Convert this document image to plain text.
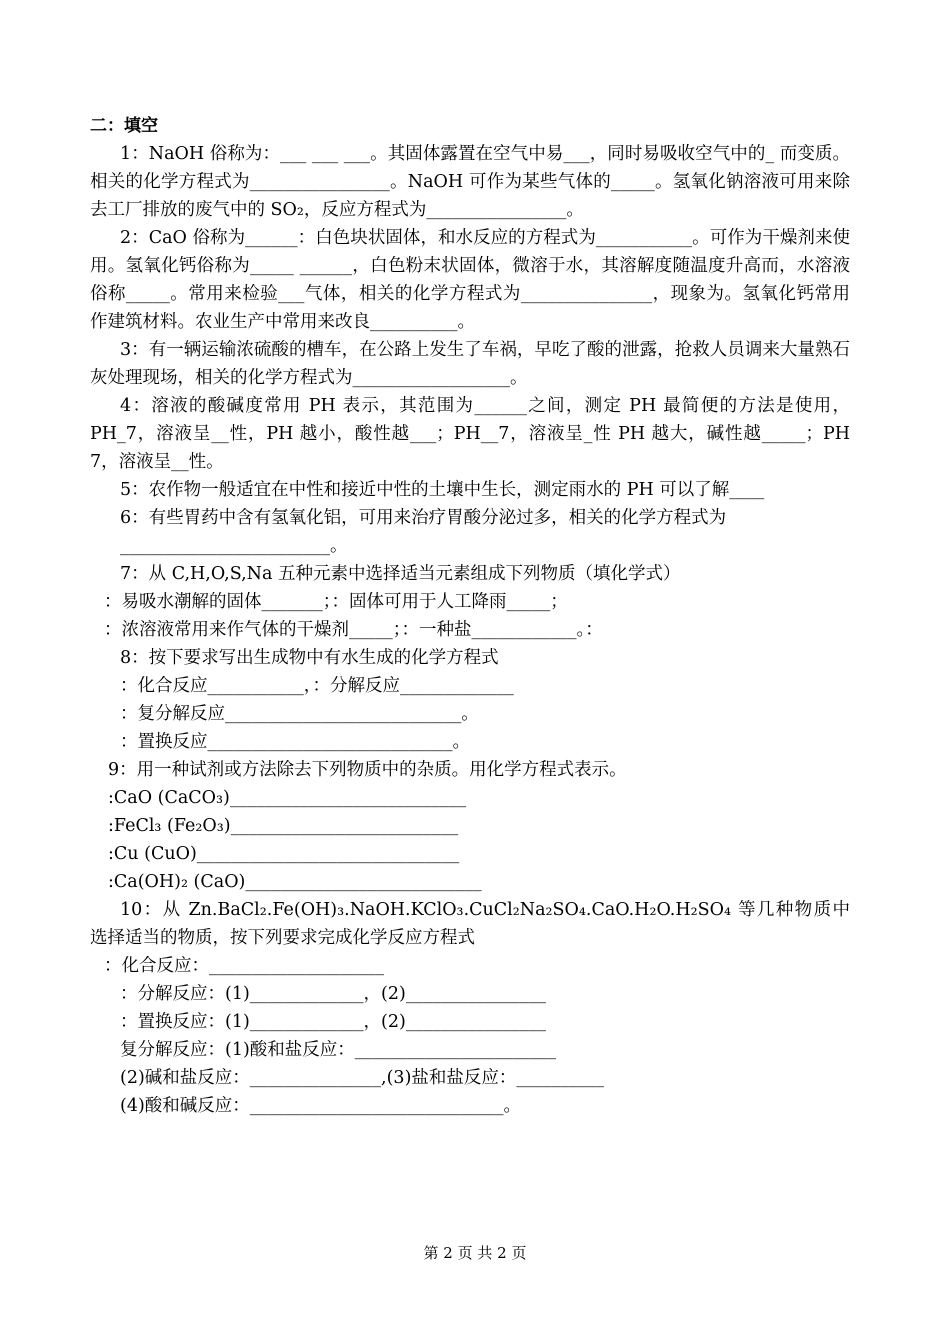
二：填空

1：NaOH 俗称为：___ ___ ___。其固体露置在空气中易___，同时易吸收空气中的_ 而变质。相关的化学方程式为________________。NaOH 可作为某些气体的_____。氢氧化钠溶液可用来除去工厂排放的废气中的 SO₂，反应方程式为________________。

2：CaO 俗称为______：白色块状固体，和水反应的方程式为___________。可作为干燥剂来使用。氢氧化钙俗称为_____ ______，白色粉末状固体，微溶于水，其溶解度随温度升高而，水溶液俗称_____。常用来检验___气体，相关的化学方程式为_______________，现象为。氢氧化钙常用作建筑材料。农业生产中常用来改良__________。

3：有一辆运输浓硫酸的槽车，在公路上发生了车祸，早吃了酸的泄露，抢救人员调来大量熟石灰处理现场，相关的化学方程式为__________________。

4：溶液的酸碱度常用 PH 表示，其范围为______之间，测定 PH 最简便的方法是使用，PH_7，溶液呈__性，PH 越小，酸性越___；PH__7，溶液呈_性 PH 越大，碱性越_____；PH 7，溶液呈__性。

5：农作物一般适宜在中性和接近中性的土壤中生长，测定雨水的 PH 可以了解____

6：有些胃药中含有氢氧化铝，可用来治疗胃酸分泌过多，相关的化学方程式为

________________________。

7：从 C,H,O,S,Na 五种元素中选择适当元素组成下列物质（填化学式）

：易吸水潮解的固体_______；：固体可用于人工降雨_____；

：浓溶液常用来作气体的干燥剂_____；：一种盐____________。：

8：按下要求写出生成物中有水生成的化学方程式

：化合反应___________，：分解反应_____________

：复分解反应___________________________。

：置换反应____________________________。

9：用一种试剂或方法除去下列物质中的杂质。用化学方程式表示。

:CaO (CaCO₃)___________________________

:FeCl₃ (Fe₂O₃)__________________________

:Cu (CuO)______________________________

:Ca(OH)₂ (CaO)___________________________

10：从 Zn.BaCl₂.Fe(OH)₃.NaOH.KClO₃.CuCl₂Na₂SO₄.CaO.H₂O.H₂SO₄ 等几种物质中选择适当的物质，按下列要求完成化学反应方程式

：化合反应：____________________

：分解反应：(1)_____________，(2)________________

：置换反应：(1)_____________，(2)________________

复分解反应：(1)酸和盐反应：_______________________

(2)碱和盐反应：_______________,(3)盐和盐反应：__________

(4)酸和碱反应：_____________________________。

第 2 页 共 2 页
